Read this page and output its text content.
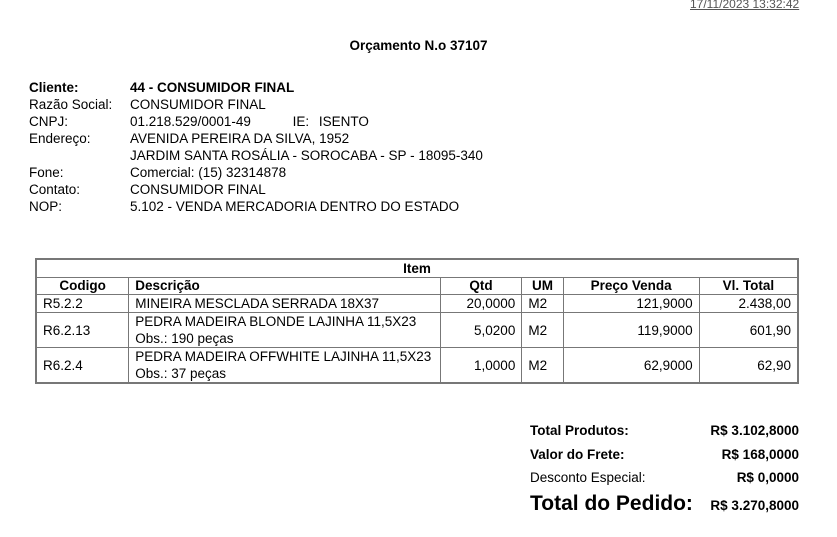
17/11/2023 13:32:42
Orçamento N.o 37107
Cliente:	44 - CONSUMIDOR FINAL
Razão Social:	CONSUMIDOR FINAL
CNPJ:	01.218.529/0001-49 IE: ISENTO
Endereço:	AVENIDA PEREIRA DA SILVA, 1952
	JARDIM SANTA ROSÁLIA - SOROCABA - SP - 18095-340
Fone:	Comercial: (15) 32314878
Contato:	CONSUMIDOR FINAL
NOP:	5.102 - VENDA MERCADORIA DENTRO DO ESTADO
Item					
Codigo	Descrição	Qtd	UM	Preço Venda	Vl. Total
R5.2.2	MINEIRA MESCLADA SERRADA 18X37	20,0000	M2	121,9000	2.438,00
R6.2.13	PEDRA MADEIRA BLONDE LAJINHA 11,5X23
Obs.: 190 peças	5,0200	M2	119,9000	601,90
R6.2.4	PEDRA MADEIRA OFFWHITE LAJINHA 11,5X23
Obs.: 37 peças	1,0000	M2	62,9000	62,90
Total Produtos:	R$ 3.102,8000
Valor do Frete:	R$ 168,0000
Desconto Especial:	R$ 0,0000
Total do Pedido: R$ 3.270,8000
